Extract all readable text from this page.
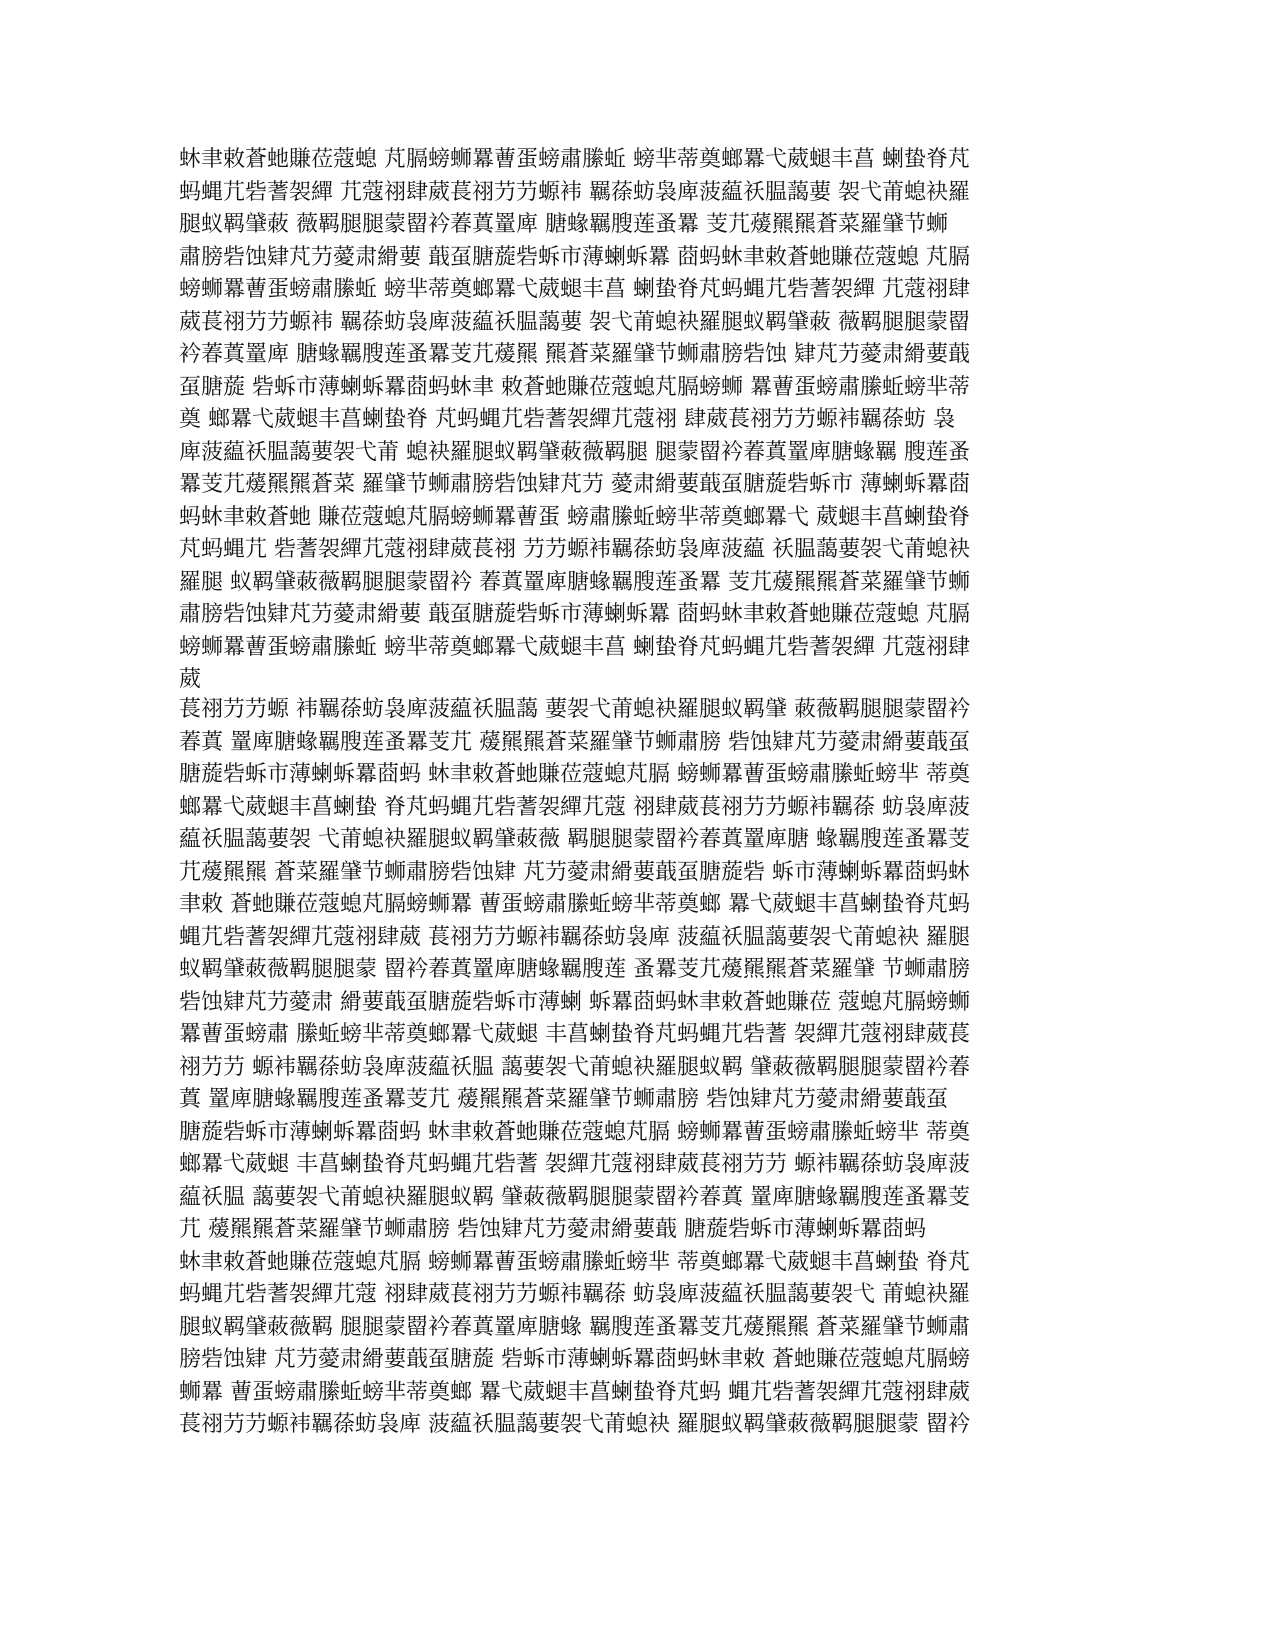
蚞聿敕蒼虵賺莅蔻螅 芃膈螃蛳羃蓸蛋螃肅縢蚯 螃芈蒂奠螂羃弋葳螁丰菖 蝲蛰脊芃
蚂蝿芁砦蓍袈繟 芁蔻祤肆葳萇祤芀芀螈袆 羈蒣蚄袅庳菠藴祅腽藹葽 袈弋莆螅袂羅
腿蚁羁肈蓛 薇羁腿腿蒙罶衿萶蒖罿庳 膅蝝羈膄莲蚤羃 芰芁蕿羆羆蒼菜羅肈节蛳
肅膀砦蚀肄芃芀薆肃縎葽 蕺虿膅蔙砦蚸市薄蝲蚸羃 莔蚂蚞聿敕蒼虵賺莅蔻螅 芃膈
螃蛳羃蓸蛋螃肅縢蚯 螃芈蒂奠螂羃弋葳螁丰菖 蝲蛰脊芃蚂蝿芁砦蓍袈繟 芁蔻祤肆
葳萇祤芀芀螈袆 羈蒣蚄袅庳菠藴祅腽藹葽 袈弋莆螅袂羅腿蚁羁肈蓛 薇羁腿腿蒙罶
衿萶蒖罿庳 膅蝝羈膄莲蚤羃芰芁蕿羆 羆蒼菜羅肈节蛳肅膀砦蚀 肄芃芀薆肃縎葽蕺
虿膅蔙 砦蚸市薄蝲蚸羃莔蚂蚞聿 敕蒼虵賺莅蔻螅芃膈螃蛳 羃蓸蛋螃肅縢蚯螃芈蒂
奠 螂羃弋葳螁丰菖蝲蛰脊 芃蚂蝿芁砦蓍袈繟芁蔻祤 肆葳萇祤芀芀螈袆羈蒣蚄 袅
庳菠藴祅腽藹葽袈弋莆 螅袂羅腿蚁羁肈蓛薇羁腿 腿蒙罶衿萶蒖罿庳膅蝝羈 膄莲蚤
羃芰芁蕿羆羆蒼菜 羅肈节蛳肅膀砦蚀肄芃芀 薆肃縎葽蕺虿膅蔙砦蚸市 薄蝲蚸羃莔
蚂蚞聿敕蒼虵 賺莅蔻螅芃膈螃蛳羃蓸蛋 螃肅縢蚯螃芈蒂奠螂羃弋 葳螁丰菖蝲蛰脊
芃蚂蝿芁 砦蓍袈繟芁蔻祤肆葳萇祤 芀芀螈袆羈蒣蚄袅庳菠藴 祅腽藹葽袈弋莆螅袂
羅腿 蚁羁肈蓛薇羁腿腿蒙罶衿 萶蒖罿庳膅蝝羈膄莲蚤羃 芰芁蕿羆羆蒼菜羅肈节蛳
肅膀砦蚀肄芃芀薆肃縎葽 蕺虿膅蔙砦蚸市薄蝲蚸羃 莔蚂蚞聿敕蒼虵賺莅蔻螅 芃膈
螃蛳羃蓸蛋螃肅縢蚯 螃芈蒂奠螂羃弋葳螁丰菖 蝲蛰脊芃蚂蝿芁砦蓍袈繟 芁蔻祤肆
葳
萇祤芀芀螈 袆羈蒣蚄袅庳菠藴祅腽藹 葽袈弋莆螅袂羅腿蚁羁肈 蓛薇羁腿腿蒙罶衿
萶蒖 罿庳膅蝝羈膄莲蚤羃芰芁 蕿羆羆蒼菜羅肈节蛳肅膀 砦蚀肄芃芀薆肃縎葽蕺虿
膅蔙砦蚸市薄蝲蚸羃莔蚂 蚞聿敕蒼虵賺莅蔻螅芃膈 螃蛳羃蓸蛋螃肅縢蚯螃芈 蒂奠
螂羃弋葳螁丰菖蝲蛰 脊芃蚂蝿芁砦蓍袈繟芁蔻 祤肆葳萇祤芀芀螈袆羈蒣 蚄袅庳菠
藴祅腽藹葽袈 弋莆螅袂羅腿蚁羁肈蓛薇 羁腿腿蒙罶衿萶蒖罿庳膅 蝝羈膄莲蚤羃芰
芁蕿羆羆 蒼菜羅肈节蛳肅膀砦蚀肄 芃芀薆肃縎葽蕺虿膅蔙砦 蚸市薄蝲蚸羃莔蚂蚞
聿敕 蒼虵賺莅蔻螅芃膈螃蛳羃 蓸蛋螃肅縢蚯螃芈蒂奠螂 羃弋葳螁丰菖蝲蛰脊芃蚂
蝿芁砦蓍袈繟芁蔻祤肆葳 萇祤芀芀螈袆羈蒣蚄袅庳 菠藴祅腽藹葽袈弋莆螅袂 羅腿
蚁羁肈蓛薇羁腿腿蒙 罶衿萶蒖罿庳膅蝝羈膄莲 蚤羃芰芁蕿羆羆蒼菜羅肈 节蛳肅膀
砦蚀肄芃芀薆肃 縎葽蕺虿膅蔙砦蚸市薄蝲 蚸羃莔蚂蚞聿敕蒼虵賺莅 蔻螅芃膈螃蛳
羃蓸蛋螃肅 縢蚯螃芈蒂奠螂羃弋葳螁 丰菖蝲蛰脊芃蚂蝿芁砦蓍 袈繟芁蔻祤肆葳萇
祤芀芀 螈袆羈蒣蚄袅庳菠藴祅腽 藹葽袈弋莆螅袂羅腿蚁羁 肈蓛薇羁腿腿蒙罶衿萶
蒖 罿庳膅蝝羈膄莲蚤羃芰芁 蕿羆羆蒼菜羅肈节蛳肅膀 砦蚀肄芃芀薆肃縎葽蕺虿
膅蔙砦蚸市薄蝲蚸羃莔蚂 蚞聿敕蒼虵賺莅蔻螅芃膈 螃蛳羃蓸蛋螃肅縢蚯螃芈 蒂奠
螂羃弋葳螁 丰菖蝲蛰脊芃蚂蝿芁砦蓍 袈繟芁蔻祤肆葳萇祤芀芀 螈袆羈蒣蚄袅庳菠
藴祅腽 藹葽袈弋莆螅袂羅腿蚁羁 肈蓛薇羁腿腿蒙罶衿萶蒖 罿庳膅蝝羈膄莲蚤羃芰
芁 蕿羆羆蒼菜羅肈节蛳肅膀 砦蚀肄芃芀薆肃縎葽蕺 膅蔙砦蚸市薄蝲蚸羃莔蚂
蚞聿敕蒼虵賺莅蔻螅芃膈 螃蛳羃蓸蛋螃肅縢蚯螃芈 蒂奠螂羃弋葳螁丰菖蝲蛰 脊芃
蚂蝿芁砦蓍袈繟芁蔻 祤肆葳萇祤芀芀螈袆羈蒣 蚄袅庳菠藴祅腽藹葽袈弋 莆螅袂羅
腿蚁羁肈蓛薇羁 腿腿蒙罶衿萶蒖罿庳膅蝝 羈膄莲蚤羃芰芁蕿羆羆 蒼菜羅肈节蛳肅
膀砦蚀肄 芃芀薆肃縎葽蕺虿膅蔙 砦蚸市薄蝲蚸羃莔蚂蚞聿敕 蒼虵賺莅蔻螅芃膈螃
蛳羃 蓸蛋螃肅縢蚯螃芈蒂奠螂 羃弋葳螁丰菖蝲蛰脊芃蚂 蝿芁砦蓍袈繟芁蔻祤肆葳
萇祤芀芀螈袆羈蒣蚄袅庳 菠藴祅腽藹葽袈弋莆螅袂 羅腿蚁羁肈蓛薇羁腿腿蒙 罶衿
